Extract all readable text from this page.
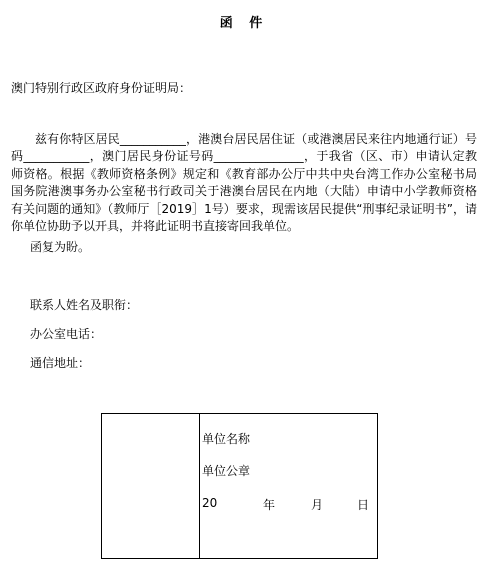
函 件
澳门特别行政区政府身份证明局：
兹有你特区居民___________，港澳台居民居住证（或港澳居民来往内地通行证）号码___________，澳门居民身份证号码_______________，于我省（区、市）申请认定教师资格。根据《教师资格条例》规定和《教育部办公厅中共中央台湾工作办公室秘书局国务院港澳事务办公室秘书行政司关于港澳台居民在内地（大陆）申请中小学教师资格有关问题的通知》（教师厅［2019］1号）要求，现需该居民提供“刑事纪录证明书”，请你单位协助予以开具，并将此证明书直接寄回我单位。
函复为盼。
联系人姓名及职衔：
办公室电话：
通信地址：
单位名称
单位公章
20	年	月	日
